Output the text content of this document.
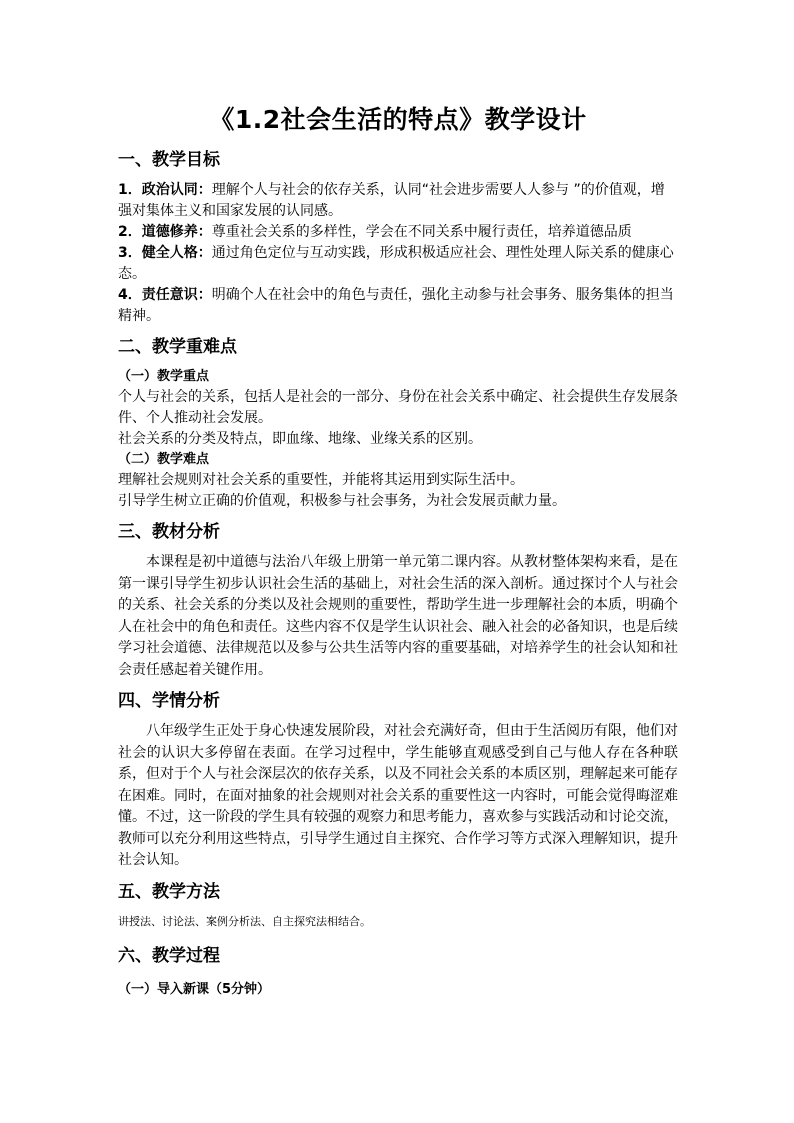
《1.2社会生活的特点》教学设计
一、教学目标

1．政治认同：理解个人与社会的依存关系，认同“社会进步需要人人参与 ”的价值观，增强对集体主义和国家发展的认同感。

2．道德修养：尊重社会关系的多样性，学会在不同关系中履行责任，培养道德品质

3．健全人格：通过角色定位与互动实践，形成积极适应社会、理性处理人际关系的健康心态。

4．责任意识：明确个人在社会中的角色与责任，强化主动参与社会事务、服务集体的担当精神。

二、教学重难点
（一）教学重点

个人与社会的关系，包括人是社会的一部分、身份在社会关系中确定、社会提供生存发展条件、个人推动社会发展。

社会关系的分类及特点，即血缘、地缘、业缘关系的区别。

（二）教学难点

理解社会规则对社会关系的重要性，并能将其运用到实际生活中。

引导学生树立正确的价值观，积极参与社会事务，为社会发展贡献力量。

三、教材分析

本课程是初中道德与法治八年级上册第一单元第二课内容。从教材整体架构来看，是在第一课引导学生初步认识社会生活的基础上，对社会生活的深入剖析。通过探讨个人与社会的关系、社会关系的分类以及社会规则的重要性，帮助学生进一步理解社会的本质，明确个人在社会中的角色和责任。这些内容不仅是学生认识社会、融入社会的必备知识，也是后续学习社会道德、法律规范以及参与公共生活等内容的重要基础，对培养学生的社会认知和社会责任感起着关键作用。

四、学情分析

八年级学生正处于身心快速发展阶段，对社会充满好奇，但由于生活阅历有限，他们对社会的认识大多停留在表面。在学习过程中，学生能够直观感受到自己与他人存在各种联系，但对于个人与社会深层次的依存关系，以及不同社会关系的本质区别，理解起来可能存在困难。同时，在面对抽象的社会规则对社会关系的重要性这一内容时，可能会觉得晦涩难懂。不过，这一阶段的学生具有较强的观察力和思考能力，喜欢参与实践活动和讨论交流，教师可以充分利用这些特点，引导学生通过自主探究、合作学习等方式深入理解知识，提升社会认知。

五、教学方法

讲授法、讨论法、案例分析法、自主探究法相结合。

六、教学过程
（一）导入新课（5分钟）
